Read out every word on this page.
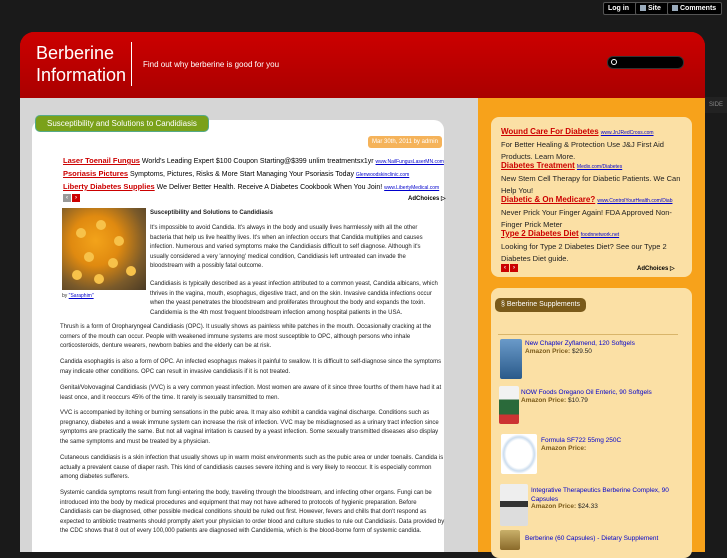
Log in	Site	Comments
SIDE
Berberine
Information
Find out why berberine is good for you
Susceptibility and Solutions to Candidiasis
Mar 30th, 2011 by admin
Laser Toenail Fungus World's Leading Expert $100 Coupon Starting@$399 unlim treatmentsx1yr www.NailFungusLaserMN.com
Psoriasis Pictures Symptoms, Pictures, Risks & More Start Managing Your Psoriasis Today Glenwoodskinclinic.com
Liberty Diabetes Supplies We Deliver Better Health. Receive A Diabetes Cookbook When You Join! www.LibertyMedical.com
‹	›	AdChoices ▷
by "Saraphim"
Susceptibility and Solutions to Candidiasis
It's impossible to avoid Candida. It's always in the body and usually lives harmlessly with all the other bacteria that help us live healthy lives. It's when an infection occurs that Candida multiplies and causes infection. Numerous and varied symptoms make the Candidiasis difficult to self diagnose. Although it's usually considered a very 'annoying' medical condition, Candidiasis left untreated can invade the bloodstream with a possibly fatal outcome.
Candidiasis is typically described as a yeast infection attributed to a common yeast, Candida albicans, which thrives in the vagina, mouth, esophagus, digestive tract, and on the skin. Invasive candida infections occur when the yeast penetrates the bloodstream and proliferates throughout the body and expands the toxin. Candidemia is the 4th most frequent bloodstream infection among hospital patients in the USA.
Thrush is a form of Oropharyngeal Candidiasis (OPC). It usually shows as painless white patches in the mouth. Occasionally cracking at the corners of the mouth can occur. People with weakened immune systems are most susceptible to OPC, although persons who inhale corticosteroids, denture wearers, newborn babies and the elderly can be at risk.
Candida esophagitis is also a form of OPC. An infected esophagus makes it painful to swallow. It is difficult to self-diagnose since the symptoms may indicate other conditions. OPC can result in invasive candidiasis if it is not treated.
Genital/Volvovaginal Candidiasis (VVC) is a very common yeast infection. Most women are aware of it since three fourths of them have had it at least once, and it reoccurs 45% of the time. It rarely is sexually transmitted to men.
VVC is accompanied by itching or burning sensations in the pubic area. It may also exhibit a candida vaginal discharge. Conditions such as pregnancy, diabetes and a weak immune system can increase the risk of infection. VVC may be misdiagnosed as a urinary tract infection since symptoms are practically the same. But not all vaginal irritation is caused by a yeast infection. Some sexually transmitted diseases also display the same symptoms and must be treated by a physician.
Cutaneous candidiasis is a skin infection that usually shows up in warm moist environments such as the pubic area or under toenails. Candida is actually a prevalent cause of diaper rash. This kind of candidiasis causes severe itching and is very likely to reoccur. It is especially common among diabetes sufferers.
Systemic candida symptoms result from fungi entering the body, traveling through the bloodstream, and infecting other organs. Fungi can be introduced into the body by medical procedures and equipment that may not have adhered to protocols of hygienic preparation. Before Candidiasis can be diagnosed, other possible medical conditions should be ruled out first. However, fevers and chills that don't respond as expected to antibiotic treatments should promptly alert your physician to order blood and culture studies to rule out Candidiasis. Data provided by the CDC shows that 8 out of every 100,000 patients are diagnosed with Candidemia, which is the blood-borne form of systemic candida.
Wound Care For Diabetes www.JnJRedCross.com
For Better Healing & Protection Use J&J First Aid Products. Learn More.
Diabetes Treatment Medix.com/Diabetes
New Stem Cell Therapy for Diabetic Patients. We Can Help You!
Diabetic & On Medicare? www.ControlYourHealth.com/Diab
Never Prick Your Finger Again! FDA Approved Non-Finger Prick Meter
Type 2 Diabetes Diet foodnnetwork.net
Looking for Type 2 Diabetes Diet? See our Type 2 Diabetes Diet guide.
‹	›	AdChoices ▷
§ Berberine Supplements
New Chapter Zyflamend, 120 Softgels
Amazon Price: $29.50
NOW Foods Oregano Oil Enteric, 90 Softgels
Amazon Price: $10.79
Formula SF722 55mg 250C
Amazon Price:
Integrative Therapeutics Berberine Complex, 90 Capsules
Amazon Price: $24.33
Berberine (60 Capsules) - Dietary Supplement
